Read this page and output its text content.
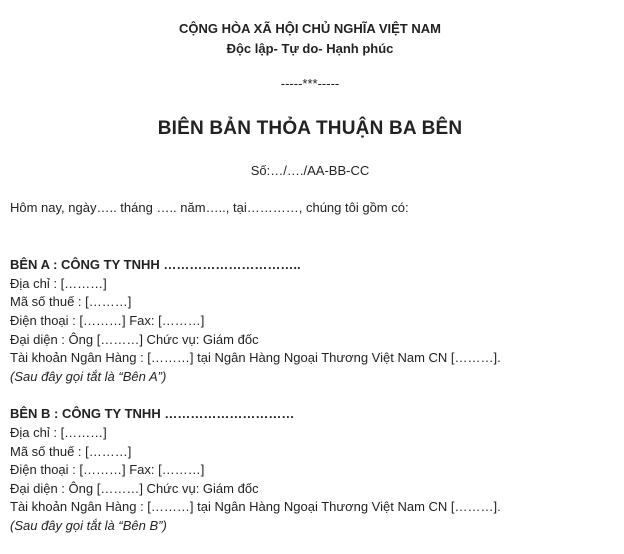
CỘNG HÒA XÃ HỘI CHỦ NGHĨA VIỆT NAM
Độc lập- Tự do- Hạnh phúc
-----***-----
BIÊN BẢN THỎA THUẬN BA BÊN
Số:…/…./AA-BB-CC
Hôm nay, ngày….. tháng ….. năm….., tại…………, chúng tôi gồm có:
BÊN A : CÔNG TY TNHH …………………………..
Địa chỉ : [………]
Mã số thuế : [………]
Điện thoại : [………] Fax: [………]
Đại diện : Ông [………] Chức vụ: Giám đốc
Tài khoản Ngân Hàng : [………] tại Ngân Hàng Ngoại Thương Việt Nam CN [………].
(Sau đây gọi tắt là “Bên A”)
BÊN B : CÔNG TY TNHH …………………………
Địa chỉ : [………]
Mã số thuế : [………]
Điện thoại : [………] Fax: [………]
Đại diện : Ông [………] Chức vụ: Giám đốc
Tài khoản Ngân Hàng : [………] tại Ngân Hàng Ngoại Thương Việt Nam CN [………].
(Sau đây gọi tắt là “Bên B”)
